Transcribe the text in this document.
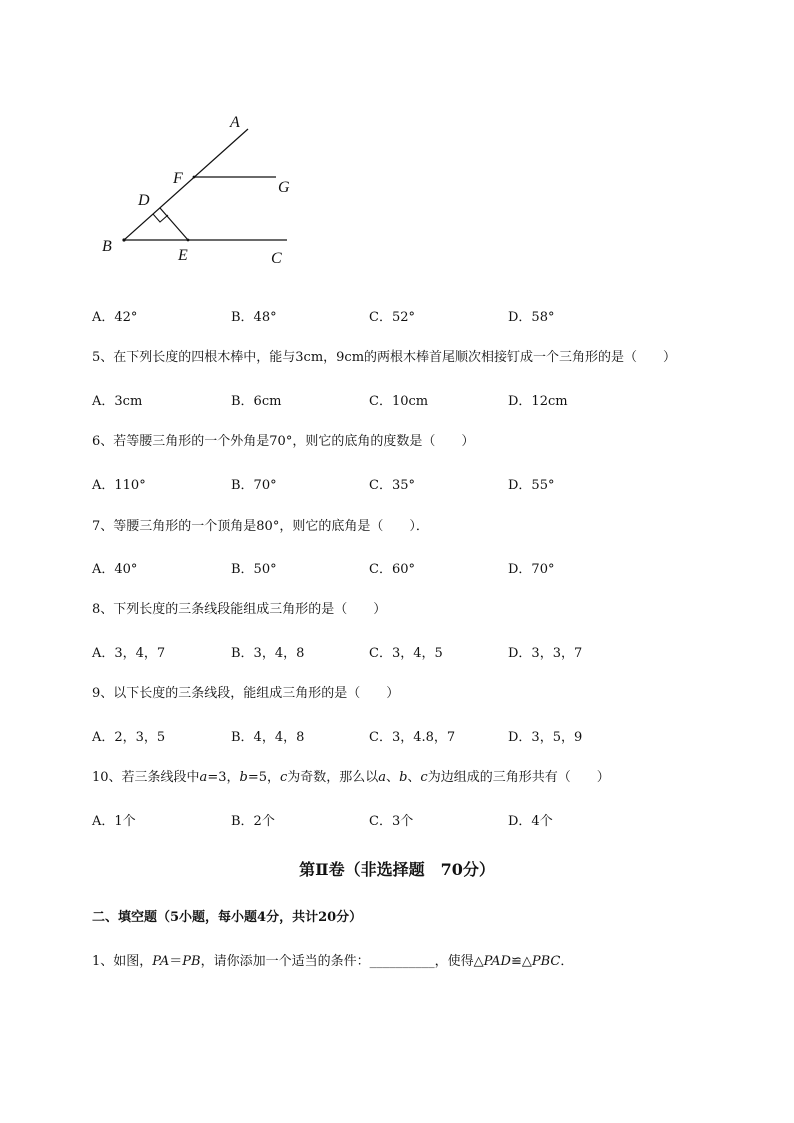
A
F
G
D
B
E	C
A．42°	B．48°	C．52°	D．58°
5、在下列长度的四根木棒中，能与3cm，9cm的两根木棒首尾顺次相接钉成一个三角形的是（　　）
A．3cm	B．6cm	C．10cm	D．12cm
6、若等腰三角形的一个外角是70°，则它的底角的度数是（　　）
A．110°	B．70°	C．35°	D．55°
7、等腰三角形的一个顶角是80°，则它的底角是（　　）．
A．40°	B．50°	C．60°	D．70°
8、下列长度的三条线段能组成三角形的是（　　）
A．3，4，7	B．3，4，8	C．3，4，5	D．3，3，7
9、以下长度的三条线段，能组成三角形的是（　　）
A．2，3，5	B．4，4，8	C．3，4.8，7	D．3，5，9
10、若三条线段中a=3，b=5，c为奇数，那么以a、b、c为边组成的三角形共有（　　）
A．1个	B．2个	C．3个	D．4个
第Ⅱ卷（非选择题　70分）
二、填空题（5小题，每小题4分，共计20分）
1、如图，PA＝PB，请你添加一个适当的条件：__________，使得△PAD≌△PBC．
